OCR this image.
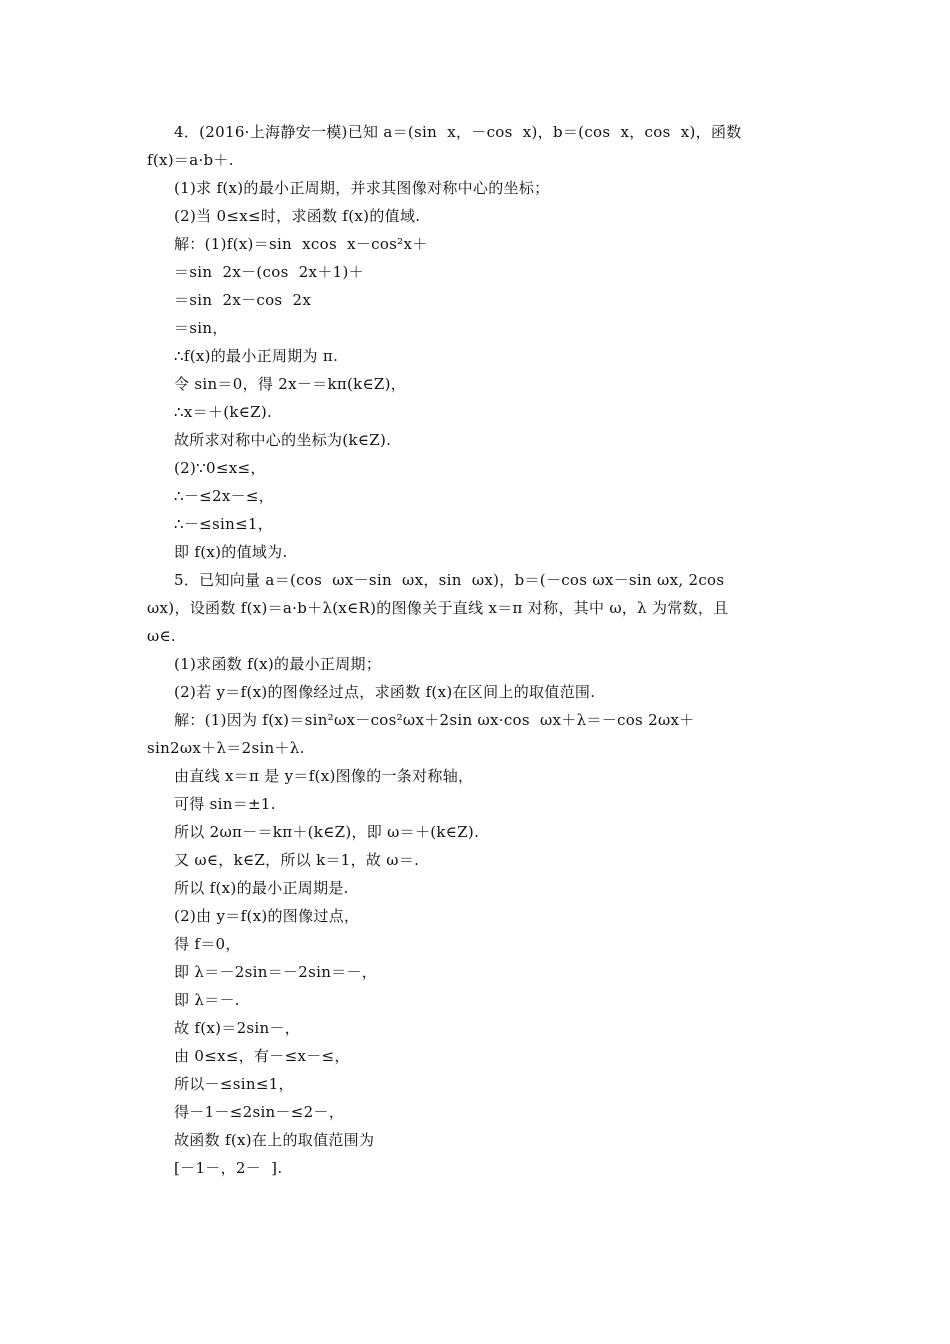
4．(2016·上海静安一模)已知 a＝(sin  x，－cos  x)，b＝(cos  x，cos  x)，函数
f(x)＝a·b＋.
(1)求 f(x)的最小正周期，并求其图像对称中心的坐标；
(2)当 0≤x≤时，求函数 f(x)的值域.
解：(1)f(x)＝sin  xcos  x－cos²x＋
＝sin  2x－(cos  2x＋1)＋
＝sin  2x－cos  2x
＝sin，
∴f(x)的最小正周期为 π.
令 sin＝0，得 2x－＝kπ(k∈Z)，
∴x＝＋(k∈Z).
故所求对称中心的坐标为(k∈Z).
(2)∵0≤x≤，
∴－≤2x－≤，
∴－≤sin≤1，
即 f(x)的值域为.
5．已知向量 a＝(cos  ωx－sin  ωx，sin  ωx)，b＝(－cos ωx－sin ωx, 2cos
ωx)，设函数 f(x)＝a·b＋λ(x∈R)的图像关于直线 x＝π 对称，其中 ω，λ 为常数，且
ω∈.
(1)求函数 f(x)的最小正周期；
(2)若 y＝f(x)的图像经过点，求函数 f(x)在区间上的取值范围.
解：(1)因为 f(x)＝sin²ωx－cos²ωx＋2sin ωx·cos  ωx＋λ＝－cos 2ωx＋
sin2ωx＋λ＝2sin＋λ.
由直线 x＝π 是 y＝f(x)图像的一条对称轴，
可得 sin＝±1.
所以 2ωπ－＝kπ＋(k∈Z)，即 ω＝＋(k∈Z).
又 ω∈，k∈Z，所以 k＝1，故 ω＝.
所以 f(x)的最小正周期是.
(2)由 y＝f(x)的图像过点，
得 f＝0，
即 λ＝－2sin＝－2sin＝－，
即 λ＝－.
故 f(x)＝2sin－，
由 0≤x≤，有－≤x－≤，
所以－≤sin≤1，
得－1－≤2sin－≤2－，
故函数 f(x)在上的取值范围为
[－1－，2－  ].
